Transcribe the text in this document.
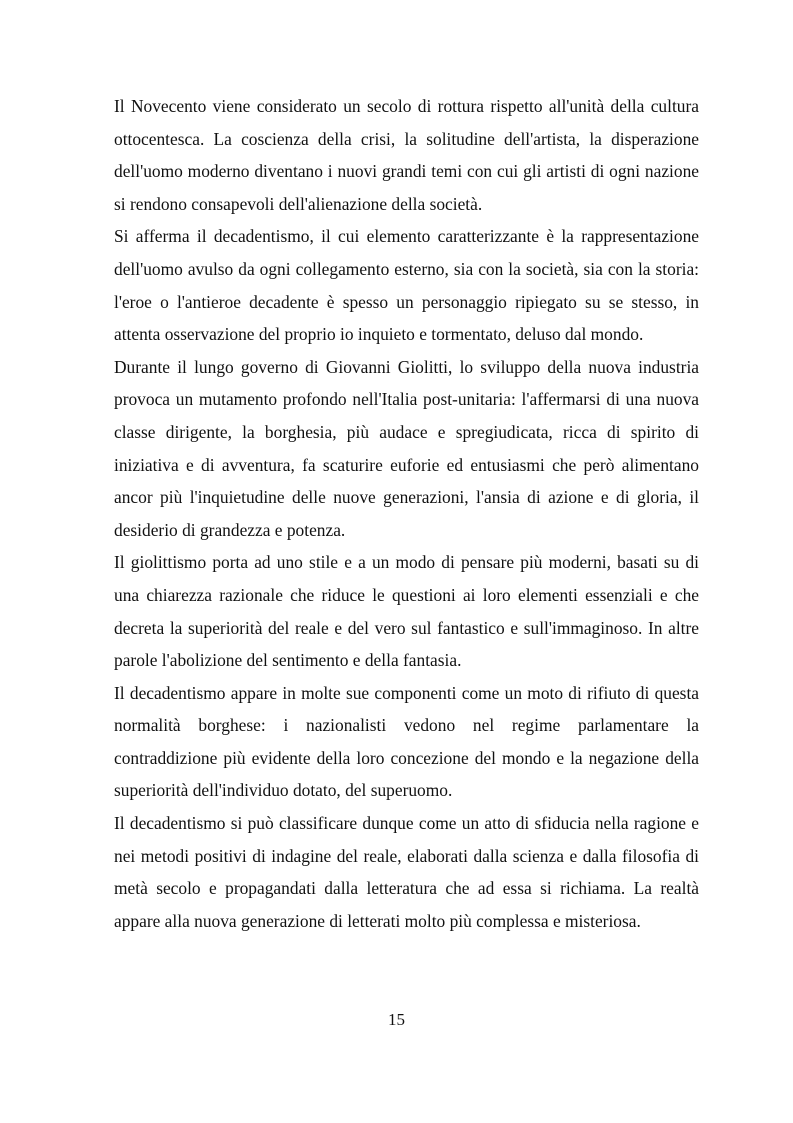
Il Novecento viene considerato un secolo di rottura rispetto all'unità della cultura ottocentesca. La coscienza della crisi, la solitudine dell'artista, la disperazione dell'uomo moderno diventano i nuovi grandi temi con cui gli artisti di ogni nazione si rendono consapevoli dell'alienazione della società.

Si afferma il decadentismo, il cui elemento caratterizzante è la rappresentazione dell'uomo avulso da ogni collegamento esterno, sia con la società, sia con la storia: l'eroe o l'antieroe decadente è spesso un personaggio ripiegato su se stesso, in attenta osservazione del proprio io inquieto e tormentato, deluso dal mondo.

Durante il lungo governo di Giovanni Giolitti, lo sviluppo della nuova industria provoca un mutamento profondo nell'Italia post-unitaria: l'affermarsi di una nuova classe dirigente, la borghesia, più audace e spregiudicata, ricca di spirito di iniziativa e di avventura, fa scaturire euforie ed entusiasmi che però alimentano ancor più l'inquietudine delle nuove generazioni, l'ansia di azione e di gloria, il desiderio di grandezza e potenza.

Il giolittismo porta ad uno stile e a un modo di pensare più moderni, basati su di una chiarezza razionale che riduce le questioni ai loro elementi essenziali e che decreta la superiorità del reale e del vero sul fantastico e sull'immaginoso. In altre parole l'abolizione del sentimento e della fantasia.

Il decadentismo appare in molte sue componenti come un moto di rifiuto di questa normalità borghese: i nazionalisti vedono nel regime parlamentare la contraddizione più evidente della loro concezione del mondo e la negazione della superiorità dell'individuo dotato, del superuomo.

Il decadentismo si può classificare dunque come un atto di sfiducia nella ragione e nei metodi positivi di indagine del reale, elaborati dalla scienza e dalla filosofia di metà secolo e propagandati dalla letteratura che ad essa si richiama. La realtà appare alla nuova generazione di letterati molto più complessa e misteriosa.

15
